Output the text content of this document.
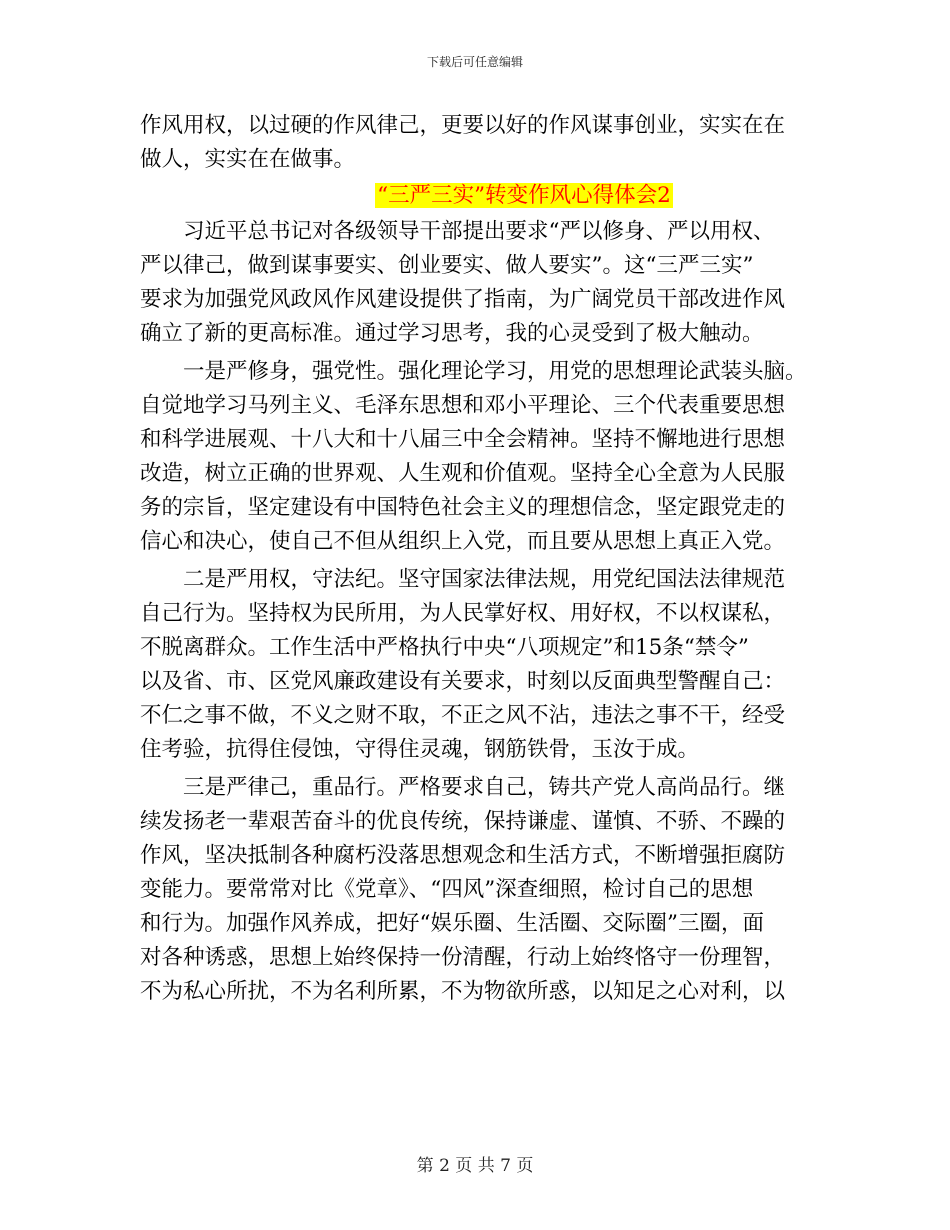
下载后可任意编辑
作风用权，以过硬的作风律己，更要以好的作风谋事创业，实实在在
做人，实实在在做事。
“三严三实”转变作风心得体会2
习近平总书记对各级领导干部提出要求“严以修身、严以用权、
严以律己，做到谋事要实、创业要实、做人要实”。这“三严三实”
要求为加强党风政风作风建设提供了指南，为广阔党员干部改进作风
确立了新的更高标准。通过学习思考，我的心灵受到了极大触动。
一是严修身，强党性。强化理论学习，用党的思想理论武装头脑。
自觉地学习马列主义、毛泽东思想和邓小平理论、三个代表重要思想
和科学进展观、十八大和十八届三中全会精神。坚持不懈地进行思想
改造，树立正确的世界观、人生观和价值观。坚持全心全意为人民服
务的宗旨，坚定建设有中国特色社会主义的理想信念，坚定跟党走的
信心和决心，使自己不但从组织上入党，而且要从思想上真正入党。
二是严用权，守法纪。坚守国家法律法规，用党纪国法法律规范
自己行为。坚持权为民所用，为人民掌好权、用好权，不以权谋私，
不脱离群众。工作生活中严格执行中央“八项规定”和15条“禁令”
以及省、市、区党风廉政建设有关要求，时刻以反面典型警醒自己：
不仁之事不做，不义之财不取，不正之风不沾，违法之事不干，经受
住考验，抗得住侵蚀，守得住灵魂，钢筋铁骨，玉汝于成。
三是严律己，重品行。严格要求自己，铸共产党人高尚品行。继
续发扬老一辈艰苦奋斗的优良传统，保持谦虚、谨慎、不骄、不躁的
作风，坚决抵制各种腐朽没落思想观念和生活方式，不断增强拒腐防
变能力。要常常对比《党章》、“四风”深查细照，检讨自己的思想
和行为。加强作风养成，把好“娱乐圈、生活圈、交际圈”三圈，面
对各种诱惑，思想上始终保持一份清醒，行动上始终恪守一份理智，
不为私心所扰，不为名利所累，不为物欲所惑，以知足之心对利，以
第 2 页 共 7 页
